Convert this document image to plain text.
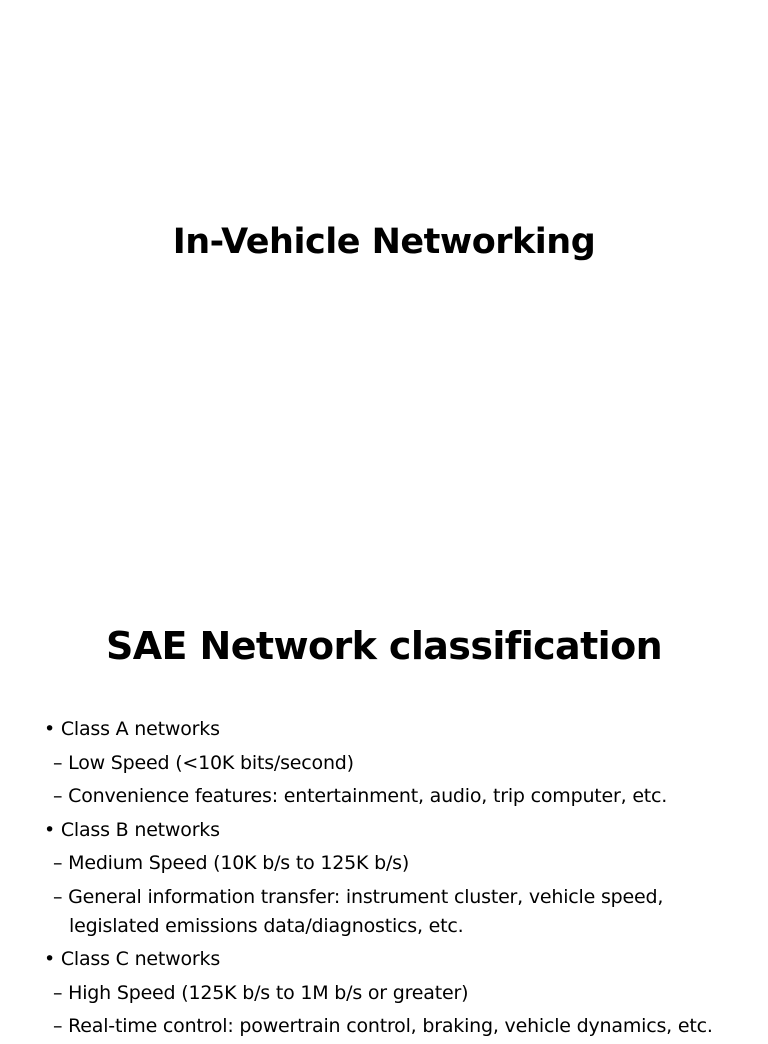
In-Vehicle Networking
SAE Network classification
• Class A networks
– Low Speed (<10K bits/second)
– Convenience features: entertainment, audio, trip computer, etc.
• Class B networks
– Medium Speed (10K b/s to 125K b/s)
– General information transfer: instrument cluster, vehicle speed,
legislated emissions data/diagnostics, etc.
• Class C networks
– High Speed (125K b/s to 1M b/s or greater)
– Real-time control: powertrain control, braking, vehicle dynamics, etc.
